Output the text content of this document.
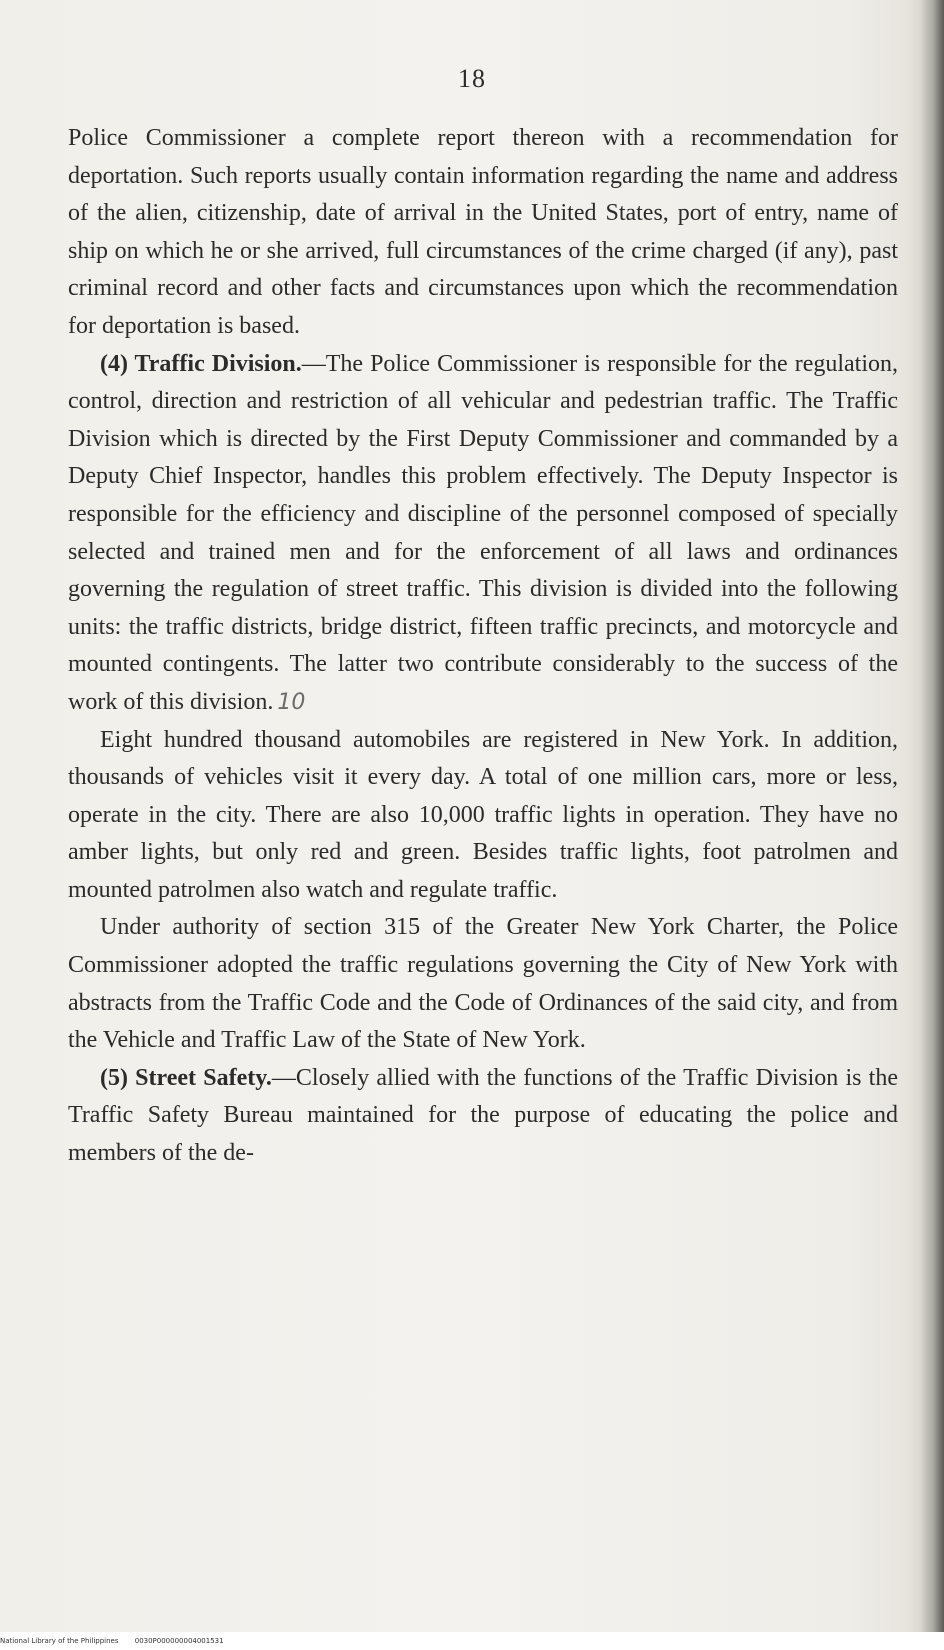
18

Police Commissioner a complete report thereon with a recommendation for deportation. Such reports usually contain information regarding the name and address of the alien, citizenship, date of arrival in the United States, port of entry, name of ship on which he or she arrived, full circumstances of the crime charged (if any), past criminal record and other facts and circumstances upon which the recommendation for deportation is based.

(4) Traffic Division.—The Police Commissioner is responsible for the regulation, control, direction and restriction of all vehicular and pedestrian traffic. The Traffic Division which is directed by the First Deputy Commissioner and commanded by a Deputy Chief Inspector, handles this problem effectively. The Deputy Inspector is responsible for the efficiency and discipline of the personnel composed of specially selected and trained men and for the enforcement of all laws and ordinances governing the regulation of street traffic. This division is divided into the following units: the traffic districts, bridge district, fifteen traffic precincts, and motorcycle and mounted contingents. The latter two contribute considerably to the success of the work of this division. 10

Eight hundred thousand automobiles are registered in New York. In addition, thousands of vehicles visit it every day. A total of one million cars, more or less, operate in the city. There are also 10,000 traffic lights in operation. They have no amber lights, but only red and green. Besides traffic lights, foot patrolmen and mounted patrolmen also watch and regulate traffic.

Under authority of section 315 of the Greater New York Charter, the Police Commissioner adopted the traffic regulations governing the City of New York with abstracts from the Traffic Code and the Code of Ordinances of the said city, and from the Vehicle and Traffic Law of the State of New York.

(5) Street Safety.—Closely allied with the functions of the Traffic Division is the Traffic Safety Bureau maintained for the purpose of educating the police and members of the de-

National Library of the Philippines 0030P000000004001531
